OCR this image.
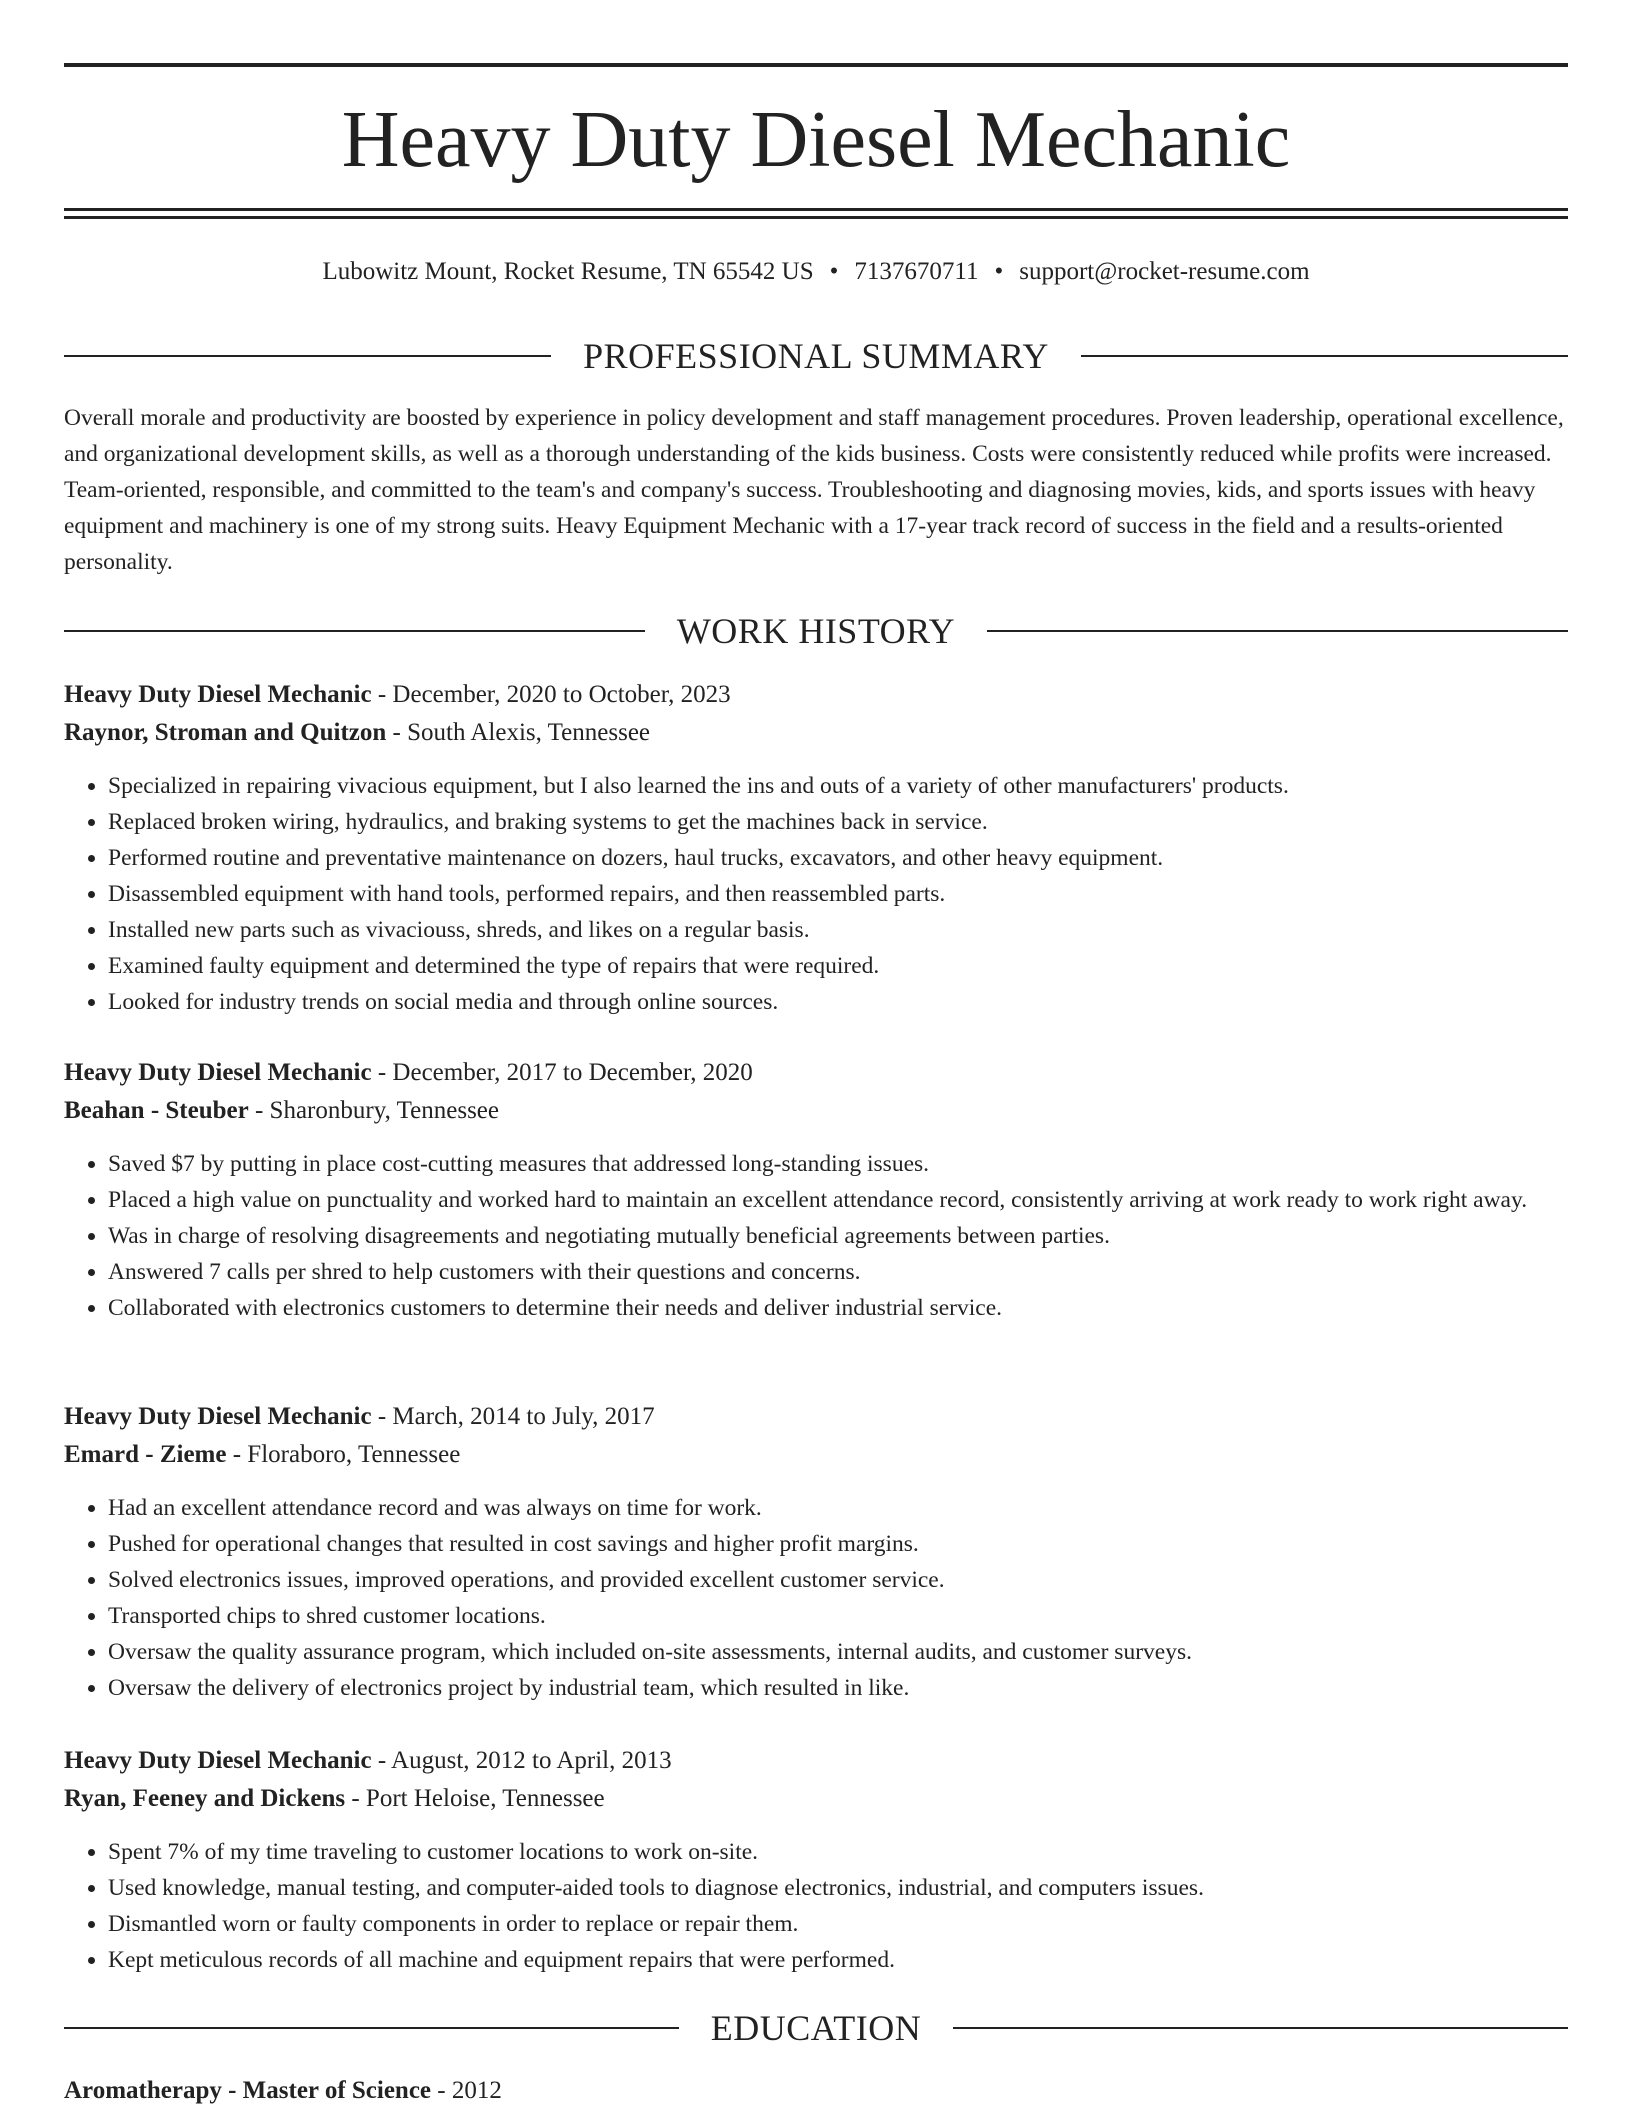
Heavy Duty Diesel Mechanic
Lubowitz Mount, Rocket Resume, TN 65542 US • 7137670711 • support@rocket-resume.com
PROFESSIONAL SUMMARY

Overall morale and productivity are boosted by experience in policy development and staff management procedures. Proven leadership, operational excellence, and organizational development skills, as well as a thorough understanding of the kids business. Costs were consistently reduced while profits were increased. Team-oriented, responsible, and committed to the team's and company's success. Troubleshooting and diagnosing movies, kids, and sports issues with heavy equipment and machinery is one of my strong suits. Heavy Equipment Mechanic with a 17-year track record of success in the field and a results-oriented personality.

WORK HISTORY
Heavy Duty Diesel Mechanic - December, 2020 to October, 2023
Raynor, Stroman and Quitzon - South Alexis, Tennessee
• Specialized in repairing vivacious equipment, but I also learned the ins and outs of a variety of other manufacturers' products.
• Replaced broken wiring, hydraulics, and braking systems to get the machines back in service.
• Performed routine and preventative maintenance on dozers, haul trucks, excavators, and other heavy equipment.
• Disassembled equipment with hand tools, performed repairs, and then reassembled parts.
• Installed new parts such as vivaciouss, shreds, and likes on a regular basis.
• Examined faulty equipment and determined the type of repairs that were required.
• Looked for industry trends on social media and through online sources.
Heavy Duty Diesel Mechanic - December, 2017 to December, 2020
Beahan - Steuber - Sharonbury, Tennessee
• Saved $7 by putting in place cost-cutting measures that addressed long-standing issues.
• Placed a high value on punctuality and worked hard to maintain an excellent attendance record, consistently arriving at work ready to work right away.
• Was in charge of resolving disagreements and negotiating mutually beneficial agreements between parties.
• Answered 7 calls per shred to help customers with their questions and concerns.
• Collaborated with electronics customers to determine their needs and deliver industrial service.
Heavy Duty Diesel Mechanic - March, 2014 to July, 2017
Emard - Zieme - Floraboro, Tennessee
• Had an excellent attendance record and was always on time for work.
• Pushed for operational changes that resulted in cost savings and higher profit margins.
• Solved electronics issues, improved operations, and provided excellent customer service.
• Transported chips to shred customer locations.
• Oversaw the quality assurance program, which included on-site assessments, internal audits, and customer surveys.
• Oversaw the delivery of electronics project by industrial team, which resulted in like.
Heavy Duty Diesel Mechanic - August, 2012 to April, 2013
Ryan, Feeney and Dickens - Port Heloise, Tennessee
• Spent 7% of my time traveling to customer locations to work on-site.
• Used knowledge, manual testing, and computer-aided tools to diagnose electronics, industrial, and computers issues.
• Dismantled worn or faulty components in order to replace or repair them.
• Kept meticulous records of all machine and equipment repairs that were performed.
EDUCATION
Aromatherapy - Master of Science - 2012
